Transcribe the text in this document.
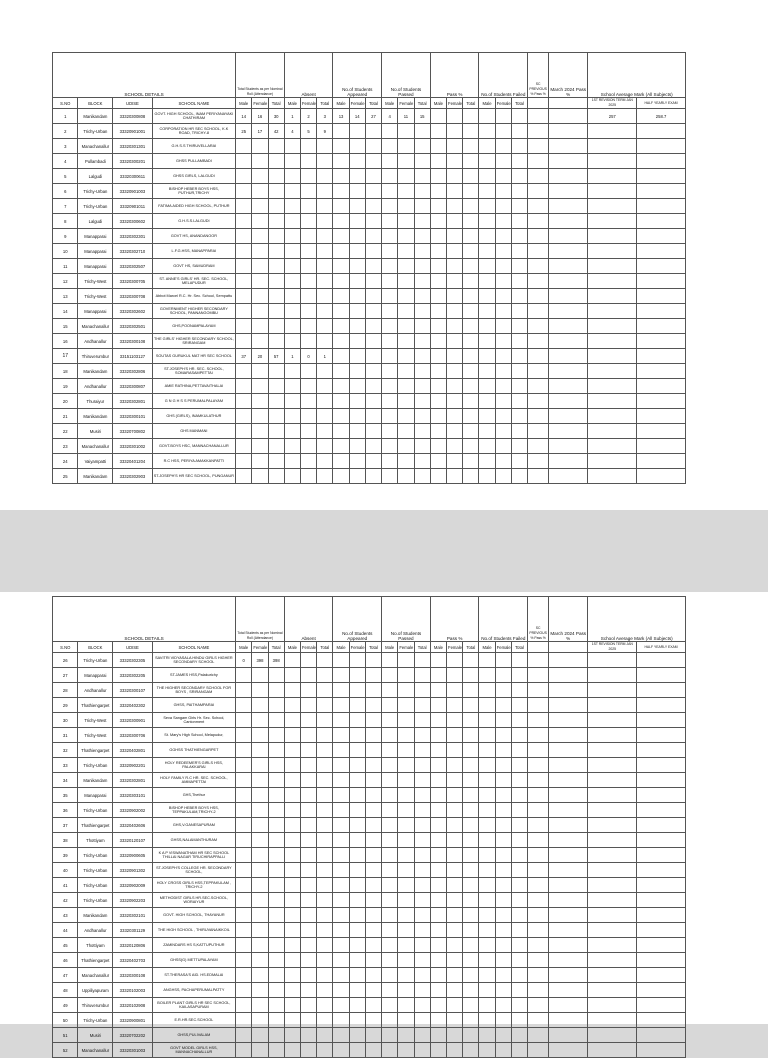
SCHOOL DETAILS				Total Students as per Nominal Roll (Attendance)			Absent			No.of Students Appeared			No.of Students Passed			Pass %			No.of Students Failed			SC PREVIOUS % Pass %	March 2024 Pass %	School Average Mark (All Subjects)	
S.NO	BLOCK	UDISE	SCHOOL NAME	Male	Female	Total	Male	Female	Total	Male	Female	Total	Male	Female	Total	Male	Female	Total	Male	Female	Total			1ST REVISION TERM JAN 2025	HALF YEARLY EXAM
1	Manikandam	33320300808	GOVT. HIGH SCHOOL, INAM PERIYANAYAKI CHATHIRAM	14	16	30	1	2	3	13	14	27	4	11	15									257	258.7
2	Trichy-Urban	33320901001	CORPORATION HR SEC SCHOOL, K.K ROAD, TRICHY-8	25	17	42	4	5	9																
3	Manachanallur	33320301301	G.H.S.S THIRUVELLARAI																						
4	Pullambadi	33320300201	GHSS PULLAMBADI																						
5	Lalgudi	33320300611	GHSS GIRLS, LALGUDI																						
6	Trichy-Urban	33320901003	BISHOP HEBER BOYS HSS, PUTHUR,TRICHY																						
7	Trichy-Urban	33320901011	FATIMA AIDED HIGH SCHOOL, PUTHUR																						
8	Lalgudi	33320300602	G.H.S.S.LALGUDI																						
9	Manapparai	33320302301	GOVT HS, ANANDANOOR																						
10	Manapparai	33320302710	L.F.G.HSS, MANAPPARAI																						
11	Manapparai	33320302507	GOVT HS, SAMUDRAM																						
12	Trichy-West	33320300705	ST. ANNE'S GIRLS' HR. SEC. SCHOOL, MELAPUDUR																						
13	Trichy-West	33320300708	Abbot Marcel R.C. Hr. Sec. School, Sempattu																						
14	Manapparai	33320302602	GOVERNMENT HIGHER SECONDARY SCHOOL, PANNANGOMBU																						
15	Manachanallur	33320302501	GHS,POONAMPALAYAM																						
16	Andhanallur	33320300108	THE GIRLS' HIGHER SECONDARY SCHOOL, SRIRANGAM																						
17	Thiruverumbur	33151103127	SOUTAS GURUKUL MAT HR SEC SCHOOL	37	20	57	1	0	1																
18	Manikandam	33320302806	ST.JOSEPH'S HR. SEC. SCHOOL, SOMARASAMPETTAI																						
19	Andhanallur	33320300807	AMIE RATHINA,PETTAVAITHALAI																						
20	Thuraiyur	33320302801	G N G H S S PERUMALPALAYAM																						
21	Manikandam	33320300101	GHS (GIRLS), INAMKULATHUR																						
22	Musiri	33320700802	GHS MANMANI																						
23	Manachanallur	33320301002	GOVT.BOYS HSC, MANNACHANALLUR																						
24	Vaiyampatti	33320401204	R.C HSS, PERIYA AMAKKANPATTI																						
25	Manikandam	33320302903	ST.JOSEPH'S HR SEC SCHOOL, PUNGANUR																						
SCHOOL DETAILS				Total Students as per Nominal Roll (Attendance)			Absent			No.of Students Appeared			No.of Students Passed			Pass %			No.of Students Failed			SC PREVIOUS % Pass %	March 2024 Pass %	School Average Mark (All Subjects)	
S.NO	BLOCK	UDISE	SCHOOL NAME	Male	Female	Total	Male	Female	Total	Male	Female	Total	Male	Female	Total	Male	Female	Total	Male	Female	Total			1ST REVISION TERM JAN 2025	HALF YEARLY EXAM
26	Trichy-Urban	33320302305	SAVITRI VIDYASALA HINDU GIRLS HIGHER SECONDARY SCHOOL	0	398	398																			
27	Manapparai	33320302205	ST.JAMES HSS,Palakurichy																						
28	Andhanallur	33320300107	THE HIGHER SECONDARY SCHOOL FOR BOYS , SRIRANGAM																						
29	Thathiengarpet	33320402302	GHSS, PAITHAMPARAI																						
30	Trichy-West	33320300901	Seva Sangam Girls Hr. Sec. School, Cantonment																						
31	Trichy-West	33320300706	St. Mary's High School, Melapudur,																						
32	Thathiengarpet	33320402801	GGHSS THATHIENGARPET																						
33	Trichy-Urban	33320902201	HOLY REDEEMER'S GIRLS HSS, PALAKKARAI																						
34	Manikandam	33320302801	HOLY FAMILY R.C HR. SEC. SCHOOL, AMMAPETTAI																						
35	Manapparai	33320303101	GHS,Thethur																						
36	Trichy-Urban	33320902002	BISHOP HEBER BOYS HSS, TEPPAKULAM,TRICHY-2																						
37	Thathiengarpet	33320402606	GHS,V.GANESAPURAM																						
38	Thottiyam	33320120107	GHSS,NALAMANTHURAM																						
39	Trichy-Urban	33320900605	K A P VISWANATHAM HR SEC SCHOOL THILLAI NAGAR TIRUCHIRAPPALLI																						
40	Trichy-Urban	33320901302	ST.JOSEPH'S COLLEGE HR. SECONDARY SCHOOL,																						
41	Trichy-Urban	33320902009	HOLY CROSS GIRLS HSS,TEPPAKULAM , TRICHY-2																						
42	Trichy-Urban	33320902203	METHODIST GIRLS HR.SEC.SCHOOL, WORAIYUR																						
43	Manikandam	33320302101	GOVT. HIGH SCHOOL, THAYANUR																						
44	Andhanallur	33320301129	THE HIGH SCHOOL , THIRUVANAIKKOIL																						
45	Thottiyam	33320120806	ZAMINDARS HS S,KATTUPUTHUR																						
46	Thathiengarpet	33320402703	GHSS(G) METTUPALAYAM																						
47	Manachanallur	33320300108	ST.THERASA'S AID. HS.EDMALAI																						
48	Uppiliyapuram	33320102003	ANGHSS, PACHAPERUMALPATTY																						
49	Thiruverumbur	33320102908	BOILER PLANT GIRLS HR SEC SCHOOL, KAILASAPURAM																						
50	Trichy-Urban	33320900801	E.R.HR.SEC.SCHOOL																						
51	Musiri	33320702202	GHSS,PULIVALAM																						
52	Manachanallur	33320301003	GOVT MODEL GIRLS HSS, MANNACHANALLUR																						
